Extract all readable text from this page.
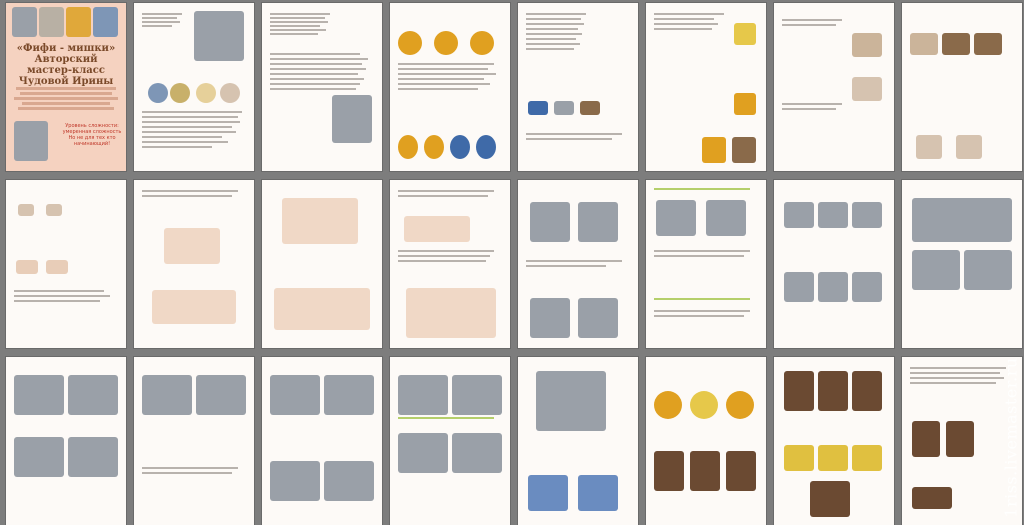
«Фифи - мишки»
Авторский
мастер-класс
Чудовой Ирины
Уровень сложности:
умеренная сложность
Но не для тех кто
начинающий!
1riss.livemaster.ru
